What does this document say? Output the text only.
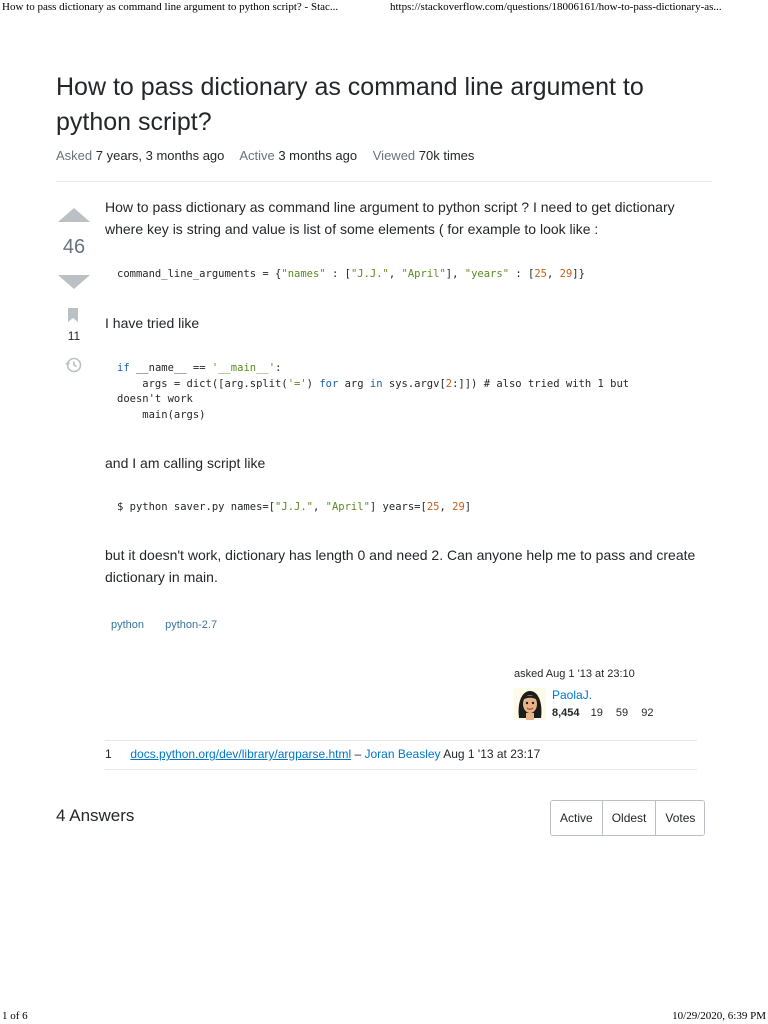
How to pass dictionary as command line argument to python script? - Stac...	https://stackoverflow.com/questions/18006161/how-to-pass-dictionary-as...
How to pass dictionary as command line argument to python script?
Asked 7 years, 3 months ago Active 3 months ago Viewed 70k times
46
11
How to pass dictionary as command line argument to python script ? I need to get dictionary where key is string and value is list of some elements ( for example to look like :
command_line_arguments = {"names" : ["J.J.", "April"], "years" : [25, 29]}
I have tried like
if __name__ == '__main__':
args = dict([arg.split('=') for arg in sys.argv[2:]]) # also tried with 1 but
doesn't work
main(args)
and I am calling script like
$ python saver.py names=["J.J.", "April"] years=[25, 29]
but it doesn't work, dictionary has length 0 and need 2. Can anyone help me to pass and create dictionary in main.
python python-2.7
asked Aug 1 '13 at 23:10
PaolaJ.
8,454 19 59 92
1 docs.python.org/dev/library/argparse.html – Joran Beasley Aug 1 '13 at 23:17
4 Answers	Active	Oldest	Votes
1 of 6	10/29/2020, 6:39 PM
